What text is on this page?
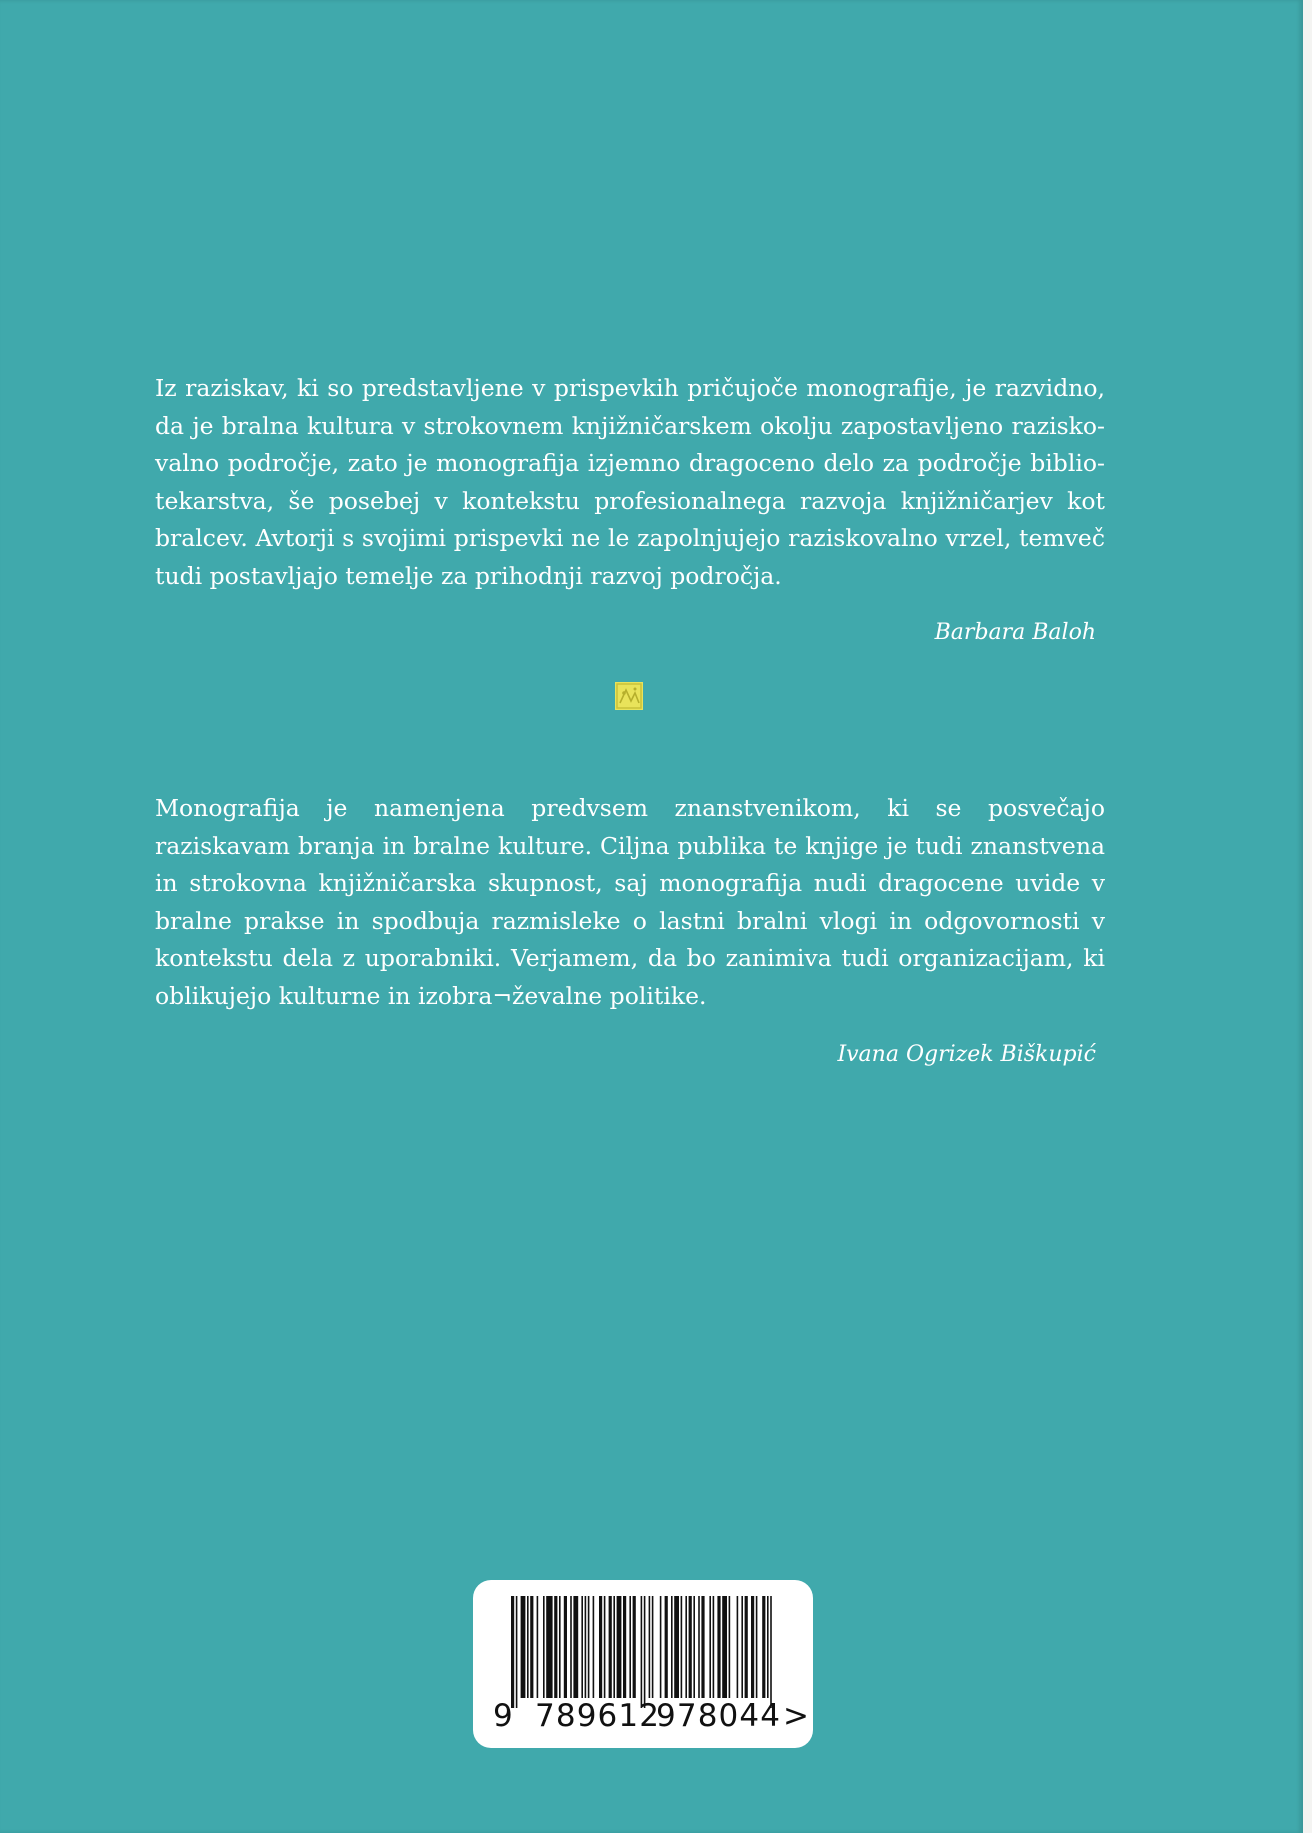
Iz raziskav, ki so predstavljene v prispevkih pričujoče monografije, je razvidno, da je bralna kultura v strokovnem knjižničarskem okolju zapostavljeno raziskovalno področje, zato je monografija izjemno dragoceno delo za področje bibliotekarstva, še posebej v kontekstu profesionalnega razvoja knjižničarjev kot bralcev. Avtorji s svojimi prispevki ne le zapolnjujejo raziskovalno vrzel, temveč tudi postavljajo temelje za prihodnji razvoj področja.

Barbara Baloh

Monografija je namenjena predvsem znanstvenikom, ki se posvečajo raziskavam branja in bralne kulture. Ciljna publika te knjige je tudi znanstvena in strokovna knjižničarska skupnost, saj monografija nudi dragocene uvide v bralne prakse in spodbuja razmisleke o lastni bralni vlogi in odgovornosti v kontekstu dela z uporabniki. Verjamem, da bo zanimiva tudi organizacijam, ki oblikujejo kulturne in izobra¬ževalne politike.

Ivana Ogrizek Biškupić

9 789612
978044 >
